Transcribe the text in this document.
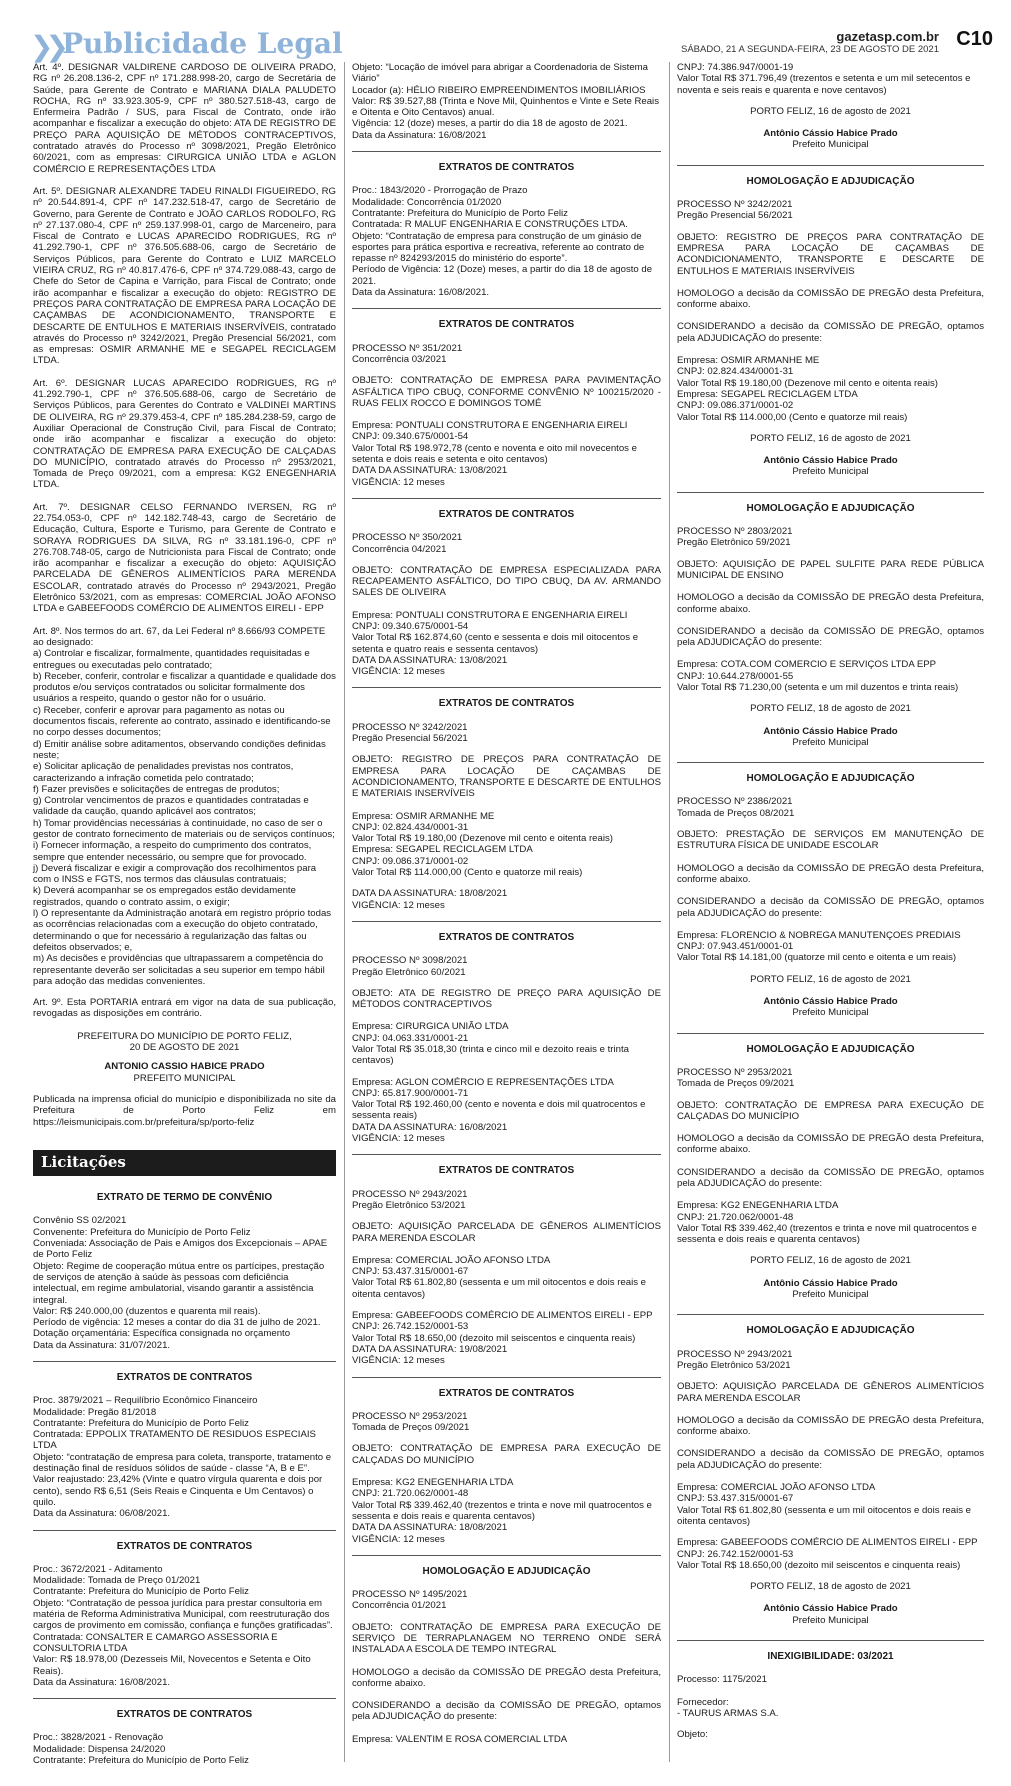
❯❯ Publicidade Legal	gazetasp.com.br
SÁBADO, 21 A SEGUNDA-FEIRA, 23 DE AGOSTO DE 2021 C10

Art. 4º. DESIGNAR VALDIRENE CARDOSO DE OLIVEIRA PRADO, RG nº 26.208.136-2, CPF nº 171.288.998-20, cargo de Secretária de Saúde, para Gerente de Contrato e MARIANA DIALA PALUDETO ROCHA, RG nº 33.923.305-9, CPF nº 380.527.518-43, cargo de Enfermeira Padrão / SUS, para Fiscal de Contrato, onde irão acompanhar e fiscalizar a execução do objeto: ATA DE REGISTRO DE PREÇO PARA AQUISIÇÃO DE MÉTODOS CONTRACEPTIVOS, contratado através do Processo nº 3098/2021, Pregão Eletrônico 60/2021, com as empresas: CIRURGICA UNIÃO LTDA e AGLON COMÉRCIO E REPRESENTAÇÕES LTDA

Art. 5º. DESIGNAR ALEXANDRE TADEU RINALDI FIGUEIREDO, RG nº 20.544.891-4, CPF nº 147.232.518-47, cargo de Secretário de Governo, para Gerente de Contrato e JOÃO CARLOS RODOLFO, RG nº 27.137.080-4, CPF nº 259.137.998-01, cargo de Marceneiro, para Fiscal de Contrato e LUCAS APARECIDO RODRIGUES, RG nº 41.292.790-1, CPF nº 376.505.688-06, cargo de Secretário de Serviços Públicos, para Gerente do Contrato e LUIZ MARCELO VIEIRA CRUZ, RG nº 40.817.476-6, CPF nº 374.729.088-43, cargo de Chefe do Setor de Capina e Varrição, para Fiscal de Contrato; onde irão acompanhar e fiscalizar a execução do objeto: REGISTRO DE PREÇOS PARA CONTRATAÇÃO DE EMPRESA PARA LOCAÇÃO DE CAÇAMBAS DE ACONDICIONAMENTO, TRANSPORTE E DESCARTE DE ENTULHOS E MATERIAIS INSERVÍVEIS, contratado através do Processo nº 3242/2021, Pregão Presencial 56/2021, com as empresas: OSMIR ARMANHE ME e SEGAPEL RECICLAGEM LTDA.

Art. 6º. DESIGNAR LUCAS APARECIDO RODRIGUES, RG nº 41.292.790-1, CPF nº 376.505.688-06, cargo de Secretário de Serviços Públicos, para Gerentes do Contrato e VALDINEI MARTINS DE OLIVEIRA, RG nº 29.379.453-4, CPF nº 185.284.238-59, cargo de Auxiliar Operacional de Construção Civil, para Fiscal de Contrato; onde irão acompanhar e fiscalizar a execução do objeto: CONTRATAÇÃO DE EMPRESA PARA EXECUÇÃO DE CALÇADAS DO MUNICÍPIO, contratado através do Processo nº 2953/2021, Tomada de Preço 09/2021, com a empresa: KG2 ENEGENHARIA LTDA.

Art. 7º. DESIGNAR CELSO FERNANDO IVERSEN, RG nº 22.754.053-0, CPF nº 142.182.748-43, cargo de Secretário de Educação, Cultura, Esporte e Turismo, para Gerente de Contrato e SORAYA RODRIGUES DA SILVA, RG nº 33.181.196-0, CPF nº 276.708.748-05, cargo de Nutricionista para Fiscal de Contrato; onde irão acompanhar e fiscalizar a execução do objeto: AQUISIÇÃO PARCELADA DE GÊNEROS ALIMENTÍCIOS PARA MERENDA ESCOLAR, contratado através do Processo nº 2943/2021, Pregão Eletrônico 53/2021, com as empresas: COMERCIAL JOÃO AFONSO LTDA e GABEEFOODS COMÉRCIO DE ALIMENTOS EIRELI - EPP

Art. 8º. Nos termos do art. 67, da Lei Federal nº 8.666/93 COMPETE ao designado:
a) Controlar e fiscalizar, formalmente, quantidades requisitadas e entregues ou executadas pelo contratado;
b) Receber, conferir, controlar e fiscalizar a quantidade e qualidade dos produtos e/ou serviços contratados ou solicitar formalmente dos usuários a respeito, quando o gestor não for o usuário.
c) Receber, conferir e aprovar para pagamento as notas ou documentos fiscais, referente ao contrato, assinado e identificando-se no corpo desses documentos;
d) Emitir análise sobre aditamentos, observando condições definidas neste;
e) Solicitar aplicação de penalidades previstas nos contratos, caracterizando a infração cometida pelo contratado;
f) Fazer previsões e solicitações de entregas de produtos;
g) Controlar vencimentos de prazos e quantidades contratadas e validade da caução, quando aplicável aos contratos;
h) Tomar providências necessárias à continuidade, no caso de ser o gestor de contrato fornecimento de materiais ou de serviços contínuos;
i) Fornecer informação, a respeito do cumprimento dos contratos, sempre que entender necessário, ou sempre que for provocado.
j) Deverá fiscalizar e exigir a comprovação dos recolhimentos para com o INSS e FGTS, nos termos das cláusulas contratuais;
k) Deverá acompanhar se os empregados estão devidamente registrados, quando o contrato assim, o exigir;
l) O representante da Administração anotará em registro próprio todas as ocorrências relacionadas com a execução do objeto contratado, determinando o que for necessário à regularização das faltas ou defeitos observados; e,
m) As decisões e providências que ultrapassarem a competência do representante deverão ser solicitadas a seu superior em tempo hábil para adoção das medidas convenientes.

Art. 9º. Esta PORTARIA entrará em vigor na data de sua publicação, revogadas as disposições em contrário.

PREFEITURA DO MUNICÍPIO DE PORTO FELIZ,
20 DE AGOSTO DE 2021
ANTONIO CASSIO HABICE PRADO
PREFEITO MUNICIPAL

Publicada na imprensa oficial do município e disponibilizada no site da Prefeitura de Porto Feliz em https://leismunicipais.com.br/prefeitura/sp/porto-feliz

Licitações
EXTRATO DE TERMO DE CONVÊNIO
Convênio SS 02/2021
Convenente: Prefeitura do Município de Porto Feliz
Conveniada: Associação de Pais e Amigos dos Excepcionais – APAE de Porto Feliz
Objeto: Regime de cooperação mútua entre os partícipes, prestação de serviços de atenção à saúde às pessoas com deficiência intelectual, em regime ambulatorial, visando garantir a assistência integral.
Valor: R$ 240.000,00 (duzentos e quarenta mil reais).
Período de vigência: 12 meses a contar do dia 31 de julho de 2021.
Dotação orçamentária: Específica consignada no orçamento
Data da Assinatura: 31/07/2021.
EXTRATOS DE CONTRATOS
Proc. 3879/2021 – Requilíbrio Econômico Financeiro
Modalidade: Pregão 81/2018
Contratante: Prefeitura do Município de Porto Feliz
Contratada: EPPOLIX TRATAMENTO DE RESIDUOS ESPECIAIS LTDA
Objeto: “contratação de empresa para coleta, transporte, tratamento e destinação final de resíduos sólidos de saúde - classe “A, B e E”.
Valor reajustado: 23,42% (Vinte e quatro vírgula quarenta e dois por cento), sendo R$ 6,51 (Seis Reais e Cinquenta e Um Centavos) o quilo.
Data da Assinatura: 06/08/2021.
EXTRATOS DE CONTRATOS
Proc.: 3672/2021 - Aditamento
Modalidade: Tomada de Preço 01/2021
Contratante: Prefeitura do Município de Porto Feliz
Objeto: “Contratação de pessoa jurídica para prestar consultoria em matéria de Reforma Administrativa Municipal, com reestruturação dos cargos de provimento em comissão, confiança e funções gratificadas”.
Contratada: CONSALTER E CAMARGO ASSESSORIA E CONSULTORIA LTDA
Valor: R$ 18.978,00 (Dezesseis Mil, Novecentos e Setenta e Oito Reais).
Data da Assinatura: 16/08/2021.
EXTRATOS DE CONTRATOS
Proc.: 3828/2021 - Renovação
Modalidade: Dispensa 24/2020
Contratante: Prefeitura do Município de Porto Feliz
Objeto: “Locação de imóvel para abrigar a Coordenadoria de Sistema Viário”
Locador (a): HÉLIO RIBEIRO EMPREENDIMENTOS IMOBILIÁRIOS
Valor: R$ 39.527,88 (Trinta e Nove Mil, Quinhentos e Vinte e Sete Reais e Oitenta e Oito Centavos) anual.
Vigência: 12 (doze) meses, a partir do dia 18 de agosto de 2021.
Data da Assinatura: 16/08/2021
EXTRATOS DE CONTRATOS
Proc.: 1843/2020 - Prorrogação de Prazo
Modalidade: Concorrência 01/2020
Contratante: Prefeitura do Município de Porto Feliz
Contratada: R MALUF ENGENHARIA E CONSTRUÇÕES LTDA.
Objeto: “Contratação de empresa para construção de um ginásio de esportes para prática esportiva e recreativa, referente ao contrato de repasse nº 824293/2015 do ministério do esporte”.
Período de Vigência: 12 (Doze) meses, a partir do dia 18 de agosto de 2021.
Data da Assinatura: 16/08/2021.
EXTRATOS DE CONTRATOS
PROCESSO Nº 351/2021
Concorrência 03/2021

OBJETO: CONTRATAÇÃO DE EMPRESA PARA PAVIMENTAÇÃO ASFÁLTICA TIPO CBUQ, CONFORME CONVÊNIO Nº 100215/2020 - RUAS FELIX ROCCO E DOMINGOS TOMÉ

Empresa: PONTUALI CONSTRUTORA E ENGENHARIA EIRELI
CNPJ: 09.340.675/0001-54
Valor Total R$ 198.972,78 (cento e noventa e oito mil novecentos e setenta e dois reais e setenta e oito centavos)
DATA DA ASSINATURA: 13/08/2021
VIGÊNCIA: 12 meses
EXTRATOS DE CONTRATOS
PROCESSO Nº 350/2021
Concorrência 04/2021

OBJETO: CONTRATAÇÃO DE EMPRESA ESPECIALIZADA PARA RECAPEAMENTO ASFÁLTICO, DO TIPO CBUQ, DA AV. ARMANDO SALES DE OLIVEIRA

Empresa: PONTUALI CONSTRUTORA E ENGENHARIA EIRELI
CNPJ: 09.340.675/0001-54
Valor Total R$ 162.874,60 (cento e sessenta e dois mil oitocentos e setenta e quatro reais e sessenta centavos)
DATA DA ASSINATURA: 13/08/2021
VIGÊNCIA: 12 meses
EXTRATOS DE CONTRATOS
PROCESSO Nº 3242/2021
Pregão Presencial 56/2021

OBJETO: REGISTRO DE PREÇOS PARA CONTRATAÇÃO DE EMPRESA PARA LOCAÇÃO DE CAÇAMBAS DE ACONDICIONAMENTO, TRANSPORTE E DESCARTE DE ENTULHOS E MATERIAIS INSERVÍVEIS

Empresa: OSMIR ARMANHE ME
CNPJ: 02.824.434/0001-31
Valor Total R$ 19.180,00 (Dezenove mil cento e oitenta reais)
Empresa: SEGAPEL RECICLAGEM LTDA
CNPJ: 09.086.371/0001-02
Valor Total R$ 114.000,00 (Cento e quatorze mil reais)
DATA DA ASSINATURA: 18/08/2021
VIGÊNCIA: 12 meses
EXTRATOS DE CONTRATOS
PROCESSO Nº 3098/2021
Pregão Eletrônico 60/2021

OBJETO: ATA DE REGISTRO DE PREÇO PARA AQUISIÇÃO DE MÉTODOS CONTRACEPTIVOS

Empresa: CIRURGICA UNIÃO LTDA
CNPJ: 04.063.331/0001-21
Valor Total R$ 35.018,30 (trinta e cinco mil e dezoito reais e trinta centavos)
Empresa: AGLON COMÉRCIO E REPRESENTAÇÕES LTDA
CNPJ: 65.817.900/0001-71
Valor Total R$ 192.460,00 (cento e noventa e dois mil quatrocentos e sessenta reais)
DATA DA ASSINATURA: 16/08/2021
VIGÊNCIA: 12 meses
EXTRATOS DE CONTRATOS
PROCESSO Nº 2943/2021
Pregão Eletrônico 53/2021

OBJETO: AQUISIÇÃO PARCELADA DE GÊNEROS ALIMENTÍCIOS PARA MERENDA ESCOLAR

Empresa: COMERCIAL JOÃO AFONSO LTDA
CNPJ: 53.437.315/0001-67
Valor Total R$ 61.802,80 (sessenta e um mil oitocentos e dois reais e oitenta centavos)
Empresa: GABEEFOODS COMÉRCIO DE ALIMENTOS EIRELI - EPP
CNPJ: 26.742.152/0001-53
Valor Total R$ 18.650,00 (dezoito mil seiscentos e cinquenta reais)
DATA DA ASSINATURA: 19/08/2021
VIGÊNCIA: 12 meses
EXTRATOS DE CONTRATOS
PROCESSO Nº 2953/2021
Tomada de Preços 09/2021

OBJETO: CONTRATAÇÃO DE EMPRESA PARA EXECUÇÃO DE CALÇADAS DO MUNICÍPIO

Empresa: KG2 ENEGENHARIA LTDA
CNPJ: 21.720.062/0001-48
Valor Total R$ 339.462,40 (trezentos e trinta e nove mil quatrocentos e sessenta e dois reais e quarenta centavos)
DATA DA ASSINATURA: 18/08/2021
VIGÊNCIA: 12 meses
HOMOLOGAÇÃO E ADJUDICAÇÃO
PROCESSO Nº 1495/2021
Concorrência 01/2021

OBJETO: CONTRATAÇÃO DE EMPRESA PARA EXECUÇÃO DE SERVIÇO DE TERRAPLANAGEM NO TERRENO ONDE SERÁ INSTALADA A ESCOLA DE TEMPO INTEGRAL

HOMOLOGO a decisão da COMISSÃO DE PREGÃO desta Prefeitura, conforme abaixo.

CONSIDERANDO a decisão da COMISSÃO DE PREGÃO, optamos pela ADJUDICAÇÃO do presente:

Empresa: VALENTIM E ROSA COMERCIAL LTDA

CNPJ: 74.386.947/0001-19
Valor Total R$ 371.796,49 (trezentos e setenta e um mil setecentos e noventa e seis reais e quarenta e nove centavos)

PORTO FELIZ, 16 de agosto de 2021

Antônio Cássio Habice Prado
Prefeito Municipal
HOMOLOGAÇÃO E ADJUDICAÇÃO
PROCESSO Nº 3242/2021
Pregão Presencial 56/2021

OBJETO: REGISTRO DE PREÇOS PARA CONTRATAÇÃO DE EMPRESA PARA LOCAÇÃO DE CAÇAMBAS DE ACONDICIONAMENTO, TRANSPORTE E DESCARTE DE ENTULHOS E MATERIAIS INSERVÍVEIS

HOMOLOGO a decisão da COMISSÃO DE PREGÃO desta Prefeitura, conforme abaixo.

CONSIDERANDO a decisão da COMISSÃO DE PREGÃO, optamos pela ADJUDICAÇÃO do presente:

Empresa: OSMIR ARMANHE ME
CNPJ: 02.824.434/0001-31
Valor Total R$ 19.180,00 (Dezenove mil cento e oitenta reais)
Empresa: SEGAPEL RECICLAGEM LTDA
CNPJ: 09.086.371/0001-02
Valor Total R$ 114.000,00 (Cento e quatorze mil reais)

PORTO FELIZ, 16 de agosto de 2021

Antônio Cássio Habice Prado
Prefeito Municipal
HOMOLOGAÇÃO E ADJUDICAÇÃO
PROCESSO Nº 2803/2021
Pregão Eletrônico 59/2021

OBJETO: AQUISIÇÃO DE PAPEL SULFITE PARA REDE PÚBLICA MUNICIPAL DE ENSINO

HOMOLOGO a decisão da COMISSÃO DE PREGÃO desta Prefeitura, conforme abaixo.

CONSIDERANDO a decisão da COMISSÃO DE PREGÃO, optamos pela ADJUDICAÇÃO do presente:

Empresa: COTA.COM COMERCIO E SERVIÇOS LTDA EPP
CNPJ: 10.644.278/0001-55
Valor Total R$ 71.230,00 (setenta e um mil duzentos e trinta reais)

PORTO FELIZ, 18 de agosto de 2021

Antônio Cássio Habice Prado
Prefeito Municipal
HOMOLOGAÇÃO E ADJUDICAÇÃO
PROCESSO Nº 2386/2021
Tomada de Preços 08/2021

OBJETO: PRESTAÇÃO DE SERVIÇOS EM MANUTENÇÃO DE ESTRUTURA FÍSICA DE UNIDADE ESCOLAR

HOMOLOGO a decisão da COMISSÃO DE PREGÃO desta Prefeitura, conforme abaixo.

CONSIDERANDO a decisão da COMISSÃO DE PREGÃO, optamos pela ADJUDICAÇÃO do presente:

Empresa: FLORENCIO & NOBREGA MANUTENÇOES PREDIAIS
CNPJ: 07.943.451/0001-01
Valor Total R$ 14.181,00 (quatorze mil cento e oitenta e um reais)

PORTO FELIZ, 16 de agosto de 2021

Antônio Cássio Habice Prado
Prefeito Municipal
HOMOLOGAÇÃO E ADJUDICAÇÃO
PROCESSO Nº 2953/2021
Tomada de Preços 09/2021

OBJETO: CONTRATAÇÃO DE EMPRESA PARA EXECUÇÃO DE CALÇADAS DO MUNICÍPIO

HOMOLOGO a decisão da COMISSÃO DE PREGÃO desta Prefeitura, conforme abaixo.

CONSIDERANDO a decisão da COMISSÃO DE PREGÃO, optamos pela ADJUDICAÇÃO do presente:

Empresa: KG2 ENEGENHARIA LTDA
CNPJ: 21.720.062/0001-48
Valor Total R$ 339.462,40 (trezentos e trinta e nove mil quatrocentos e sessenta e dois reais e quarenta centavos)

PORTO FELIZ, 16 de agosto de 2021

Antônio Cássio Habice Prado
Prefeito Municipal
HOMOLOGAÇÃO E ADJUDICAÇÃO
PROCESSO Nº 2943/2021
Pregão Eletrônico 53/2021

OBJETO: AQUISIÇÃO PARCELADA DE GÊNEROS ALIMENTÍCIOS PARA MERENDA ESCOLAR

HOMOLOGO a decisão da COMISSÃO DE PREGÃO desta Prefeitura, conforme abaixo.

CONSIDERANDO a decisão da COMISSÃO DE PREGÃO, optamos pela ADJUDICAÇÃO do presente:

Empresa: COMERCIAL JOÃO AFONSO LTDA
CNPJ: 53.437.315/0001-67
Valor Total R$ 61.802,80 (sessenta e um mil oitocentos e dois reais e oitenta centavos)
Empresa: GABEEFOODS COMÉRCIO DE ALIMENTOS EIRELI - EPP
CNPJ: 26.742.152/0001-53
Valor Total R$ 18.650,00 (dezoito mil seiscentos e cinquenta reais)

PORTO FELIZ, 18 de agosto de 2021

Antônio Cássio Habice Prado
Prefeito Municipal
INEXIGIBILIDADE: 03/2021

Processo: 1175/2021

Fornecedor:
- TAURUS ARMAS S.A.

Objeto:
